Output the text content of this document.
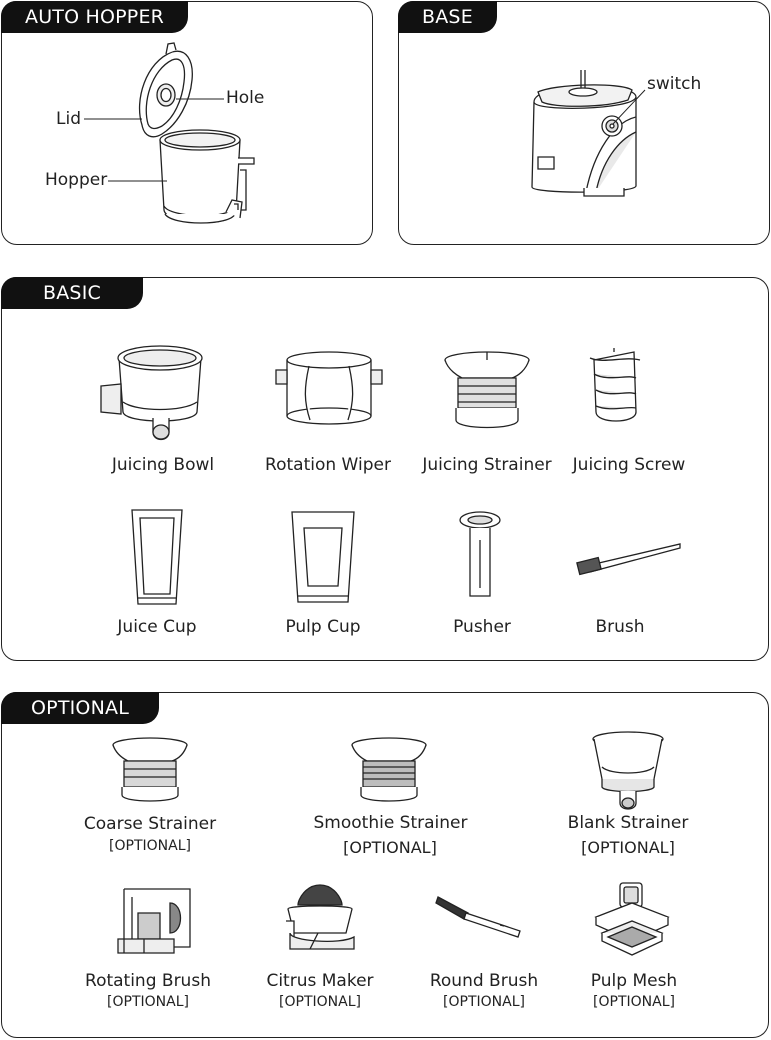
AUTO HOPPER
Lid
Hole
Hopper
BASE
switch
BASIC
Juicing Bowl	Rotation Wiper	Juicing Strainer	Juicing Screw
Juice Cup	Pulp Cup	Pusher	Brush
OPTIONAL
Coarse Strainer
[OPTIONAL]
Smoothie Strainer
[OPTIONAL]
Blank Strainer
[OPTIONAL]
Rotating Brush
[OPTIONAL]
Citrus Maker
[OPTIONAL]
Round Brush
[OPTIONAL]
Pulp Mesh
[OPTIONAL]
